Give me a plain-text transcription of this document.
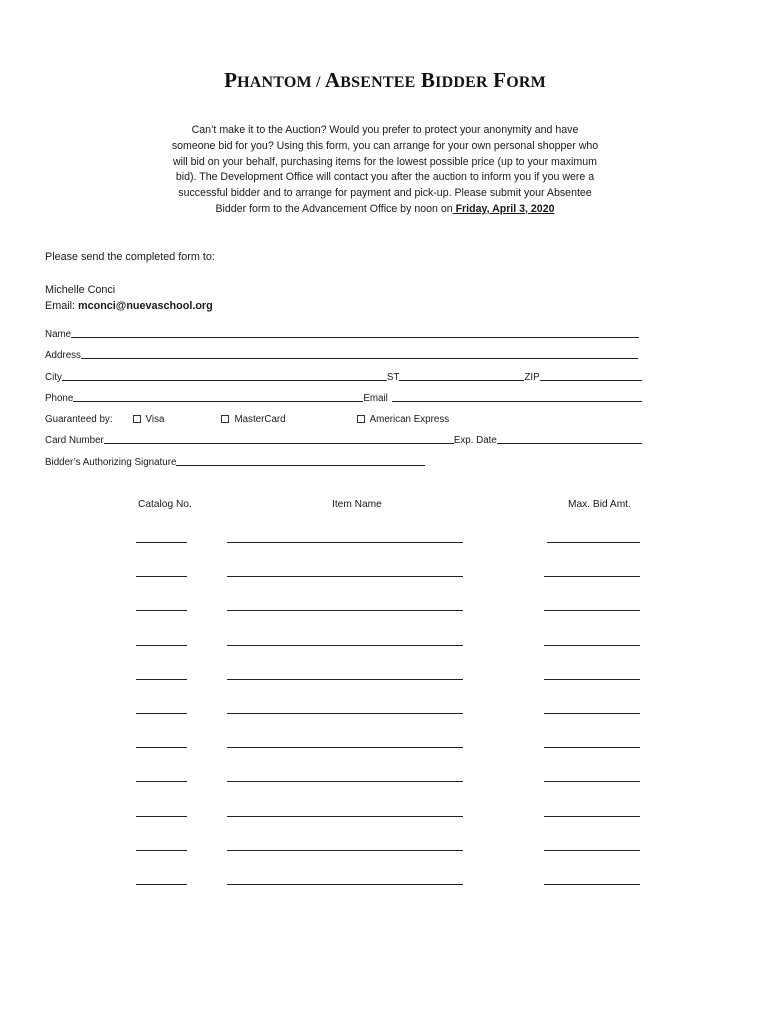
PHANTOM / ABSENTEE BIDDER FORM
Can’t make it to the Auction? Would you prefer to protect your anonymity and have someone bid for you? Using this form, you can arrange for your own personal shopper who will bid on your behalf, purchasing items for the lowest possible price (up to your maximum bid). The Development Office will contact you after the auction to inform you if you were a successful bidder and to arrange for payment and pick-up. Please submit your Absentee Bidder form to the Advancement Office by noon on Friday, April 3, 2020
Please send the completed form to:
Michelle Conci
Email: mconci@nuevaschool.org
Name
Address
City	ST	ZIP
Phone	Email
Guaranteed by:	Visa	MasterCard	American Express
Card Number	Exp. Date
Bidder’s Authorizing Signature
Catalog No.	Item Name	Max. Bid Amt.
